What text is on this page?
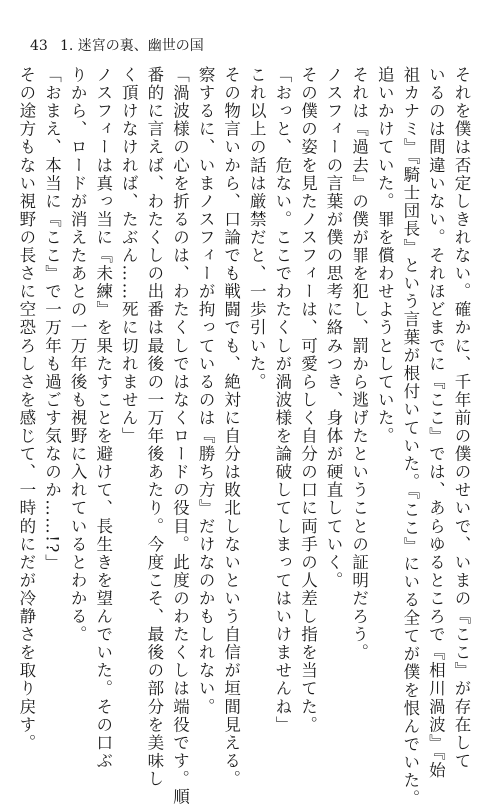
43 1. 迷宮の裏、幽世の国
それを僕は否定しきれない。確かに、千年前の僕のせいで、いまの『ここ』が存在して
いるのは間違いない。それほどまでに『ここ』では、あらゆるところで『相川渦波』『始
祖カナミ』『騎士団長』という言葉が根付いていた。『ここ』にいる全てが僕を恨んでいた。
追いかけていた。罪を償わせようとしていた。
それは『過去』の僕が罪を犯し、罰から逃げたということの証明だろう。
ノスフィーの言葉が僕の思考に絡みつき、身体が硬直していく。
その僕の姿を見たノスフィーは、可愛らしく自分の口に両手の人差し指を当てた。
「おっと、危ない。ここでわたくしが渦波様を論破してしまってはいけませんね」
これ以上の話は厳禁だと、一歩引いた。
その物言いから、口論でも戦闘でも、絶対に自分は敗北しないという自信が垣間見える。
察するに、いまノスフィーが拘っているのは『勝ち方』だけなのかもしれない。
「渦波様の心を折るのは、わたくしではなくロードの役目。此度のわたくしは端役です。順
番的に言えば、わたくしの出番は最後の一万年後あたり。今度こそ、最後の部分を美味し
く頂けなければ、たぶん……死に切れません」
ノスフィーは真っ当に『未練』を果たすことを避けて、長生きを望んでいた。その口ぶ
りから、ロードが消えたあとの一万年後も視野に入れているとわかる。
「おまえ、本当に『ここ』で一万年も過ごす気なのか……!?」
その途方もない視野の長さに空恐ろしさを感じて、一時的にだが冷静さを取り戻す。
